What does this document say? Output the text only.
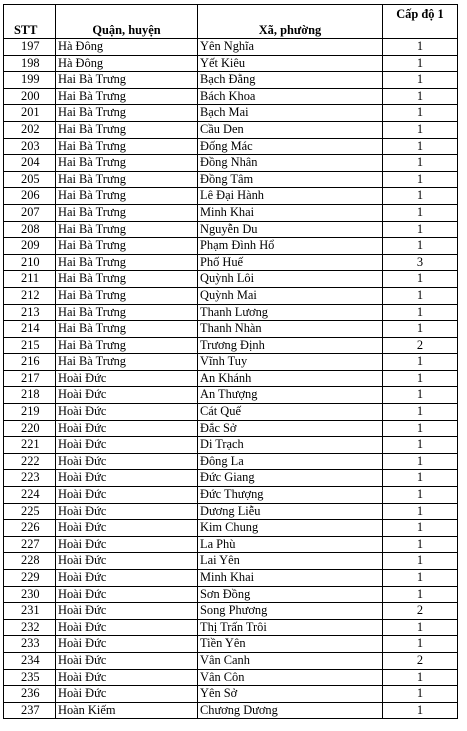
STT	Quận, huyện	Xã, phường	Cấp độ 1
197	Hà Đông	Yên Nghĩa	1
198	Hà Đông	Yết Kiêu	1
199	Hai Bà Trưng	Bạch Đằng	1
200	Hai Bà Trưng	Bách Khoa	1
201	Hai Bà Trưng	Bạch Mai	1
202	Hai Bà Trưng	Cầu Den	1
203	Hai Bà Trưng	Đống Mác	1
204	Hai Bà Trưng	Đồng Nhân	1
205	Hai Bà Trưng	Đồng Tâm	1
206	Hai Bà Trưng	Lê Đại Hành	1
207	Hai Bà Trưng	Minh Khai	1
208	Hai Bà Trưng	Nguyễn Du	1
209	Hai Bà Trưng	Phạm Đình Hổ	1
210	Hai Bà Trưng	Phố Huế	3
211	Hai Bà Trưng	Quỳnh Lôi	1
212	Hai Bà Trưng	Quỳnh Mai	1
213	Hai Bà Trưng	Thanh Lương	1
214	Hai Bà Trưng	Thanh Nhàn	1
215	Hai Bà Trưng	Trương Định	2
216	Hai Bà Trưng	Vĩnh Tuy	1
217	Hoài Đức	An Khánh	1
218	Hoài Đức	An Thượng	1
219	Hoài Đức	Cát Quế	1
220	Hoài Đức	Đắc Sở	1
221	Hoài Đức	Di Trạch	1
222	Hoài Đức	Đông La	1
223	Hoài Đức	Đức Giang	1
224	Hoài Đức	Đức Thượng	1
225	Hoài Đức	Dương Liễu	1
226	Hoài Đức	Kim Chung	1
227	Hoài Đức	La Phù	1
228	Hoài Đức	Lai Yên	1
229	Hoài Đức	Minh Khai	1
230	Hoài Đức	Sơn Đồng	1
231	Hoài Đức	Song Phương	2
232	Hoài Đức	Thị Trấn Trôi	1
233	Hoài Đức	Tiền Yên	1
234	Hoài Đức	Vân Canh	2
235	Hoài Đức	Vân Côn	1
236	Hoài Đức	Yên Sở	1
237	Hoàn Kiếm	Chương Dương	1
